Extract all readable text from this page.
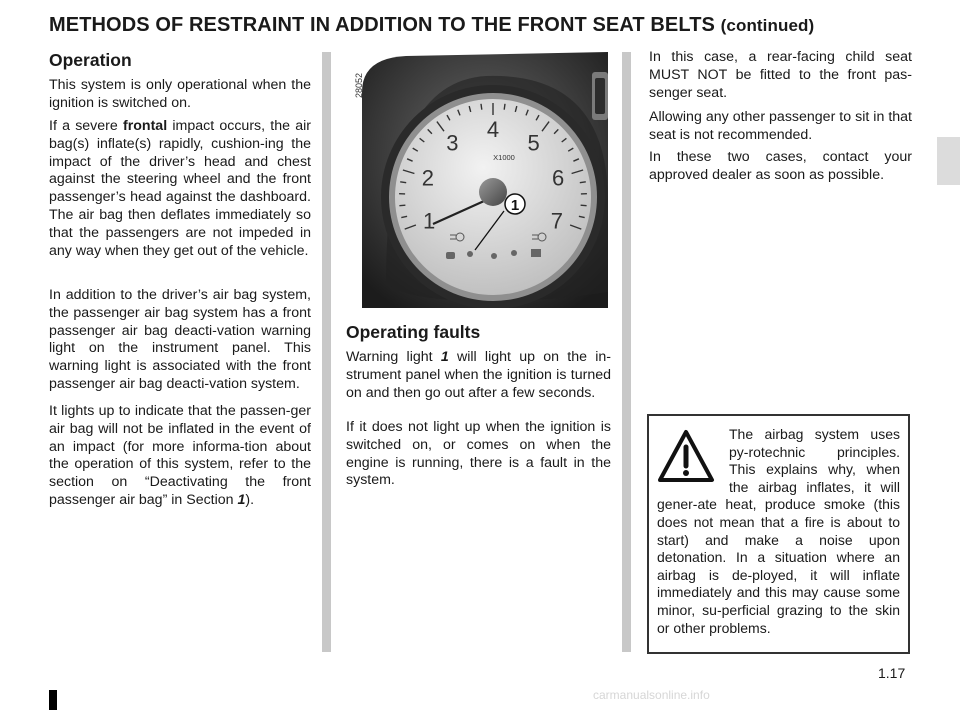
METHODS OF RESTRAINT IN ADDITION TO THE FRONT SEAT BELTS (continued)
Operation
This system is only operational when the ignition is switched on.
If a severe frontal impact occurs, the air bag(s) inflate(s) rapidly, cushion-ing the impact of the driver’s head and chest against the steering wheel and the front passenger’s head against the dashboard. The air bag then deflates immediately so that the passengers are not impeded in any way when they get out of the vehicle.
In addition to the driver’s air bag system, the passenger air bag system has a front passenger air bag deacti-vation warning light on the instrument panel. This warning light is associated with the front passenger air bag deacti-vation system.
It lights up to indicate that the passen-ger air bag will not be inflated in the event of an impact (for more informa-tion about the operation of this system, refer to the section on “Deactivating the front passenger air bag” in Section 1).
1
2
3
4
5
6
7
X1000
1
28052
Operating faults
Warning light 1 will light up on the in-strument panel when the ignition is turned on and then go out after a few seconds.
If it does not light up when the ignition is switched on, or comes on when the engine is running, there is a fault in the system.
In this case, a rear-facing child seat MUST NOT be fitted to the front pas-senger seat.
Allowing any other passenger to sit in that seat is not recommended.
In these two cases, contact your approved dealer as soon as possible.
The airbag system uses py-rotechnic principles. This explains why, when the airbag inflates, it will gener-ate heat, produce smoke (this does not mean that a fire is about to start) and make a noise upon detonation. In a situation where an airbag is de-ployed, it will inflate immediately and this may cause some minor, su-perficial grazing to the skin or other problems.
1.17
carmanualsonline.info
